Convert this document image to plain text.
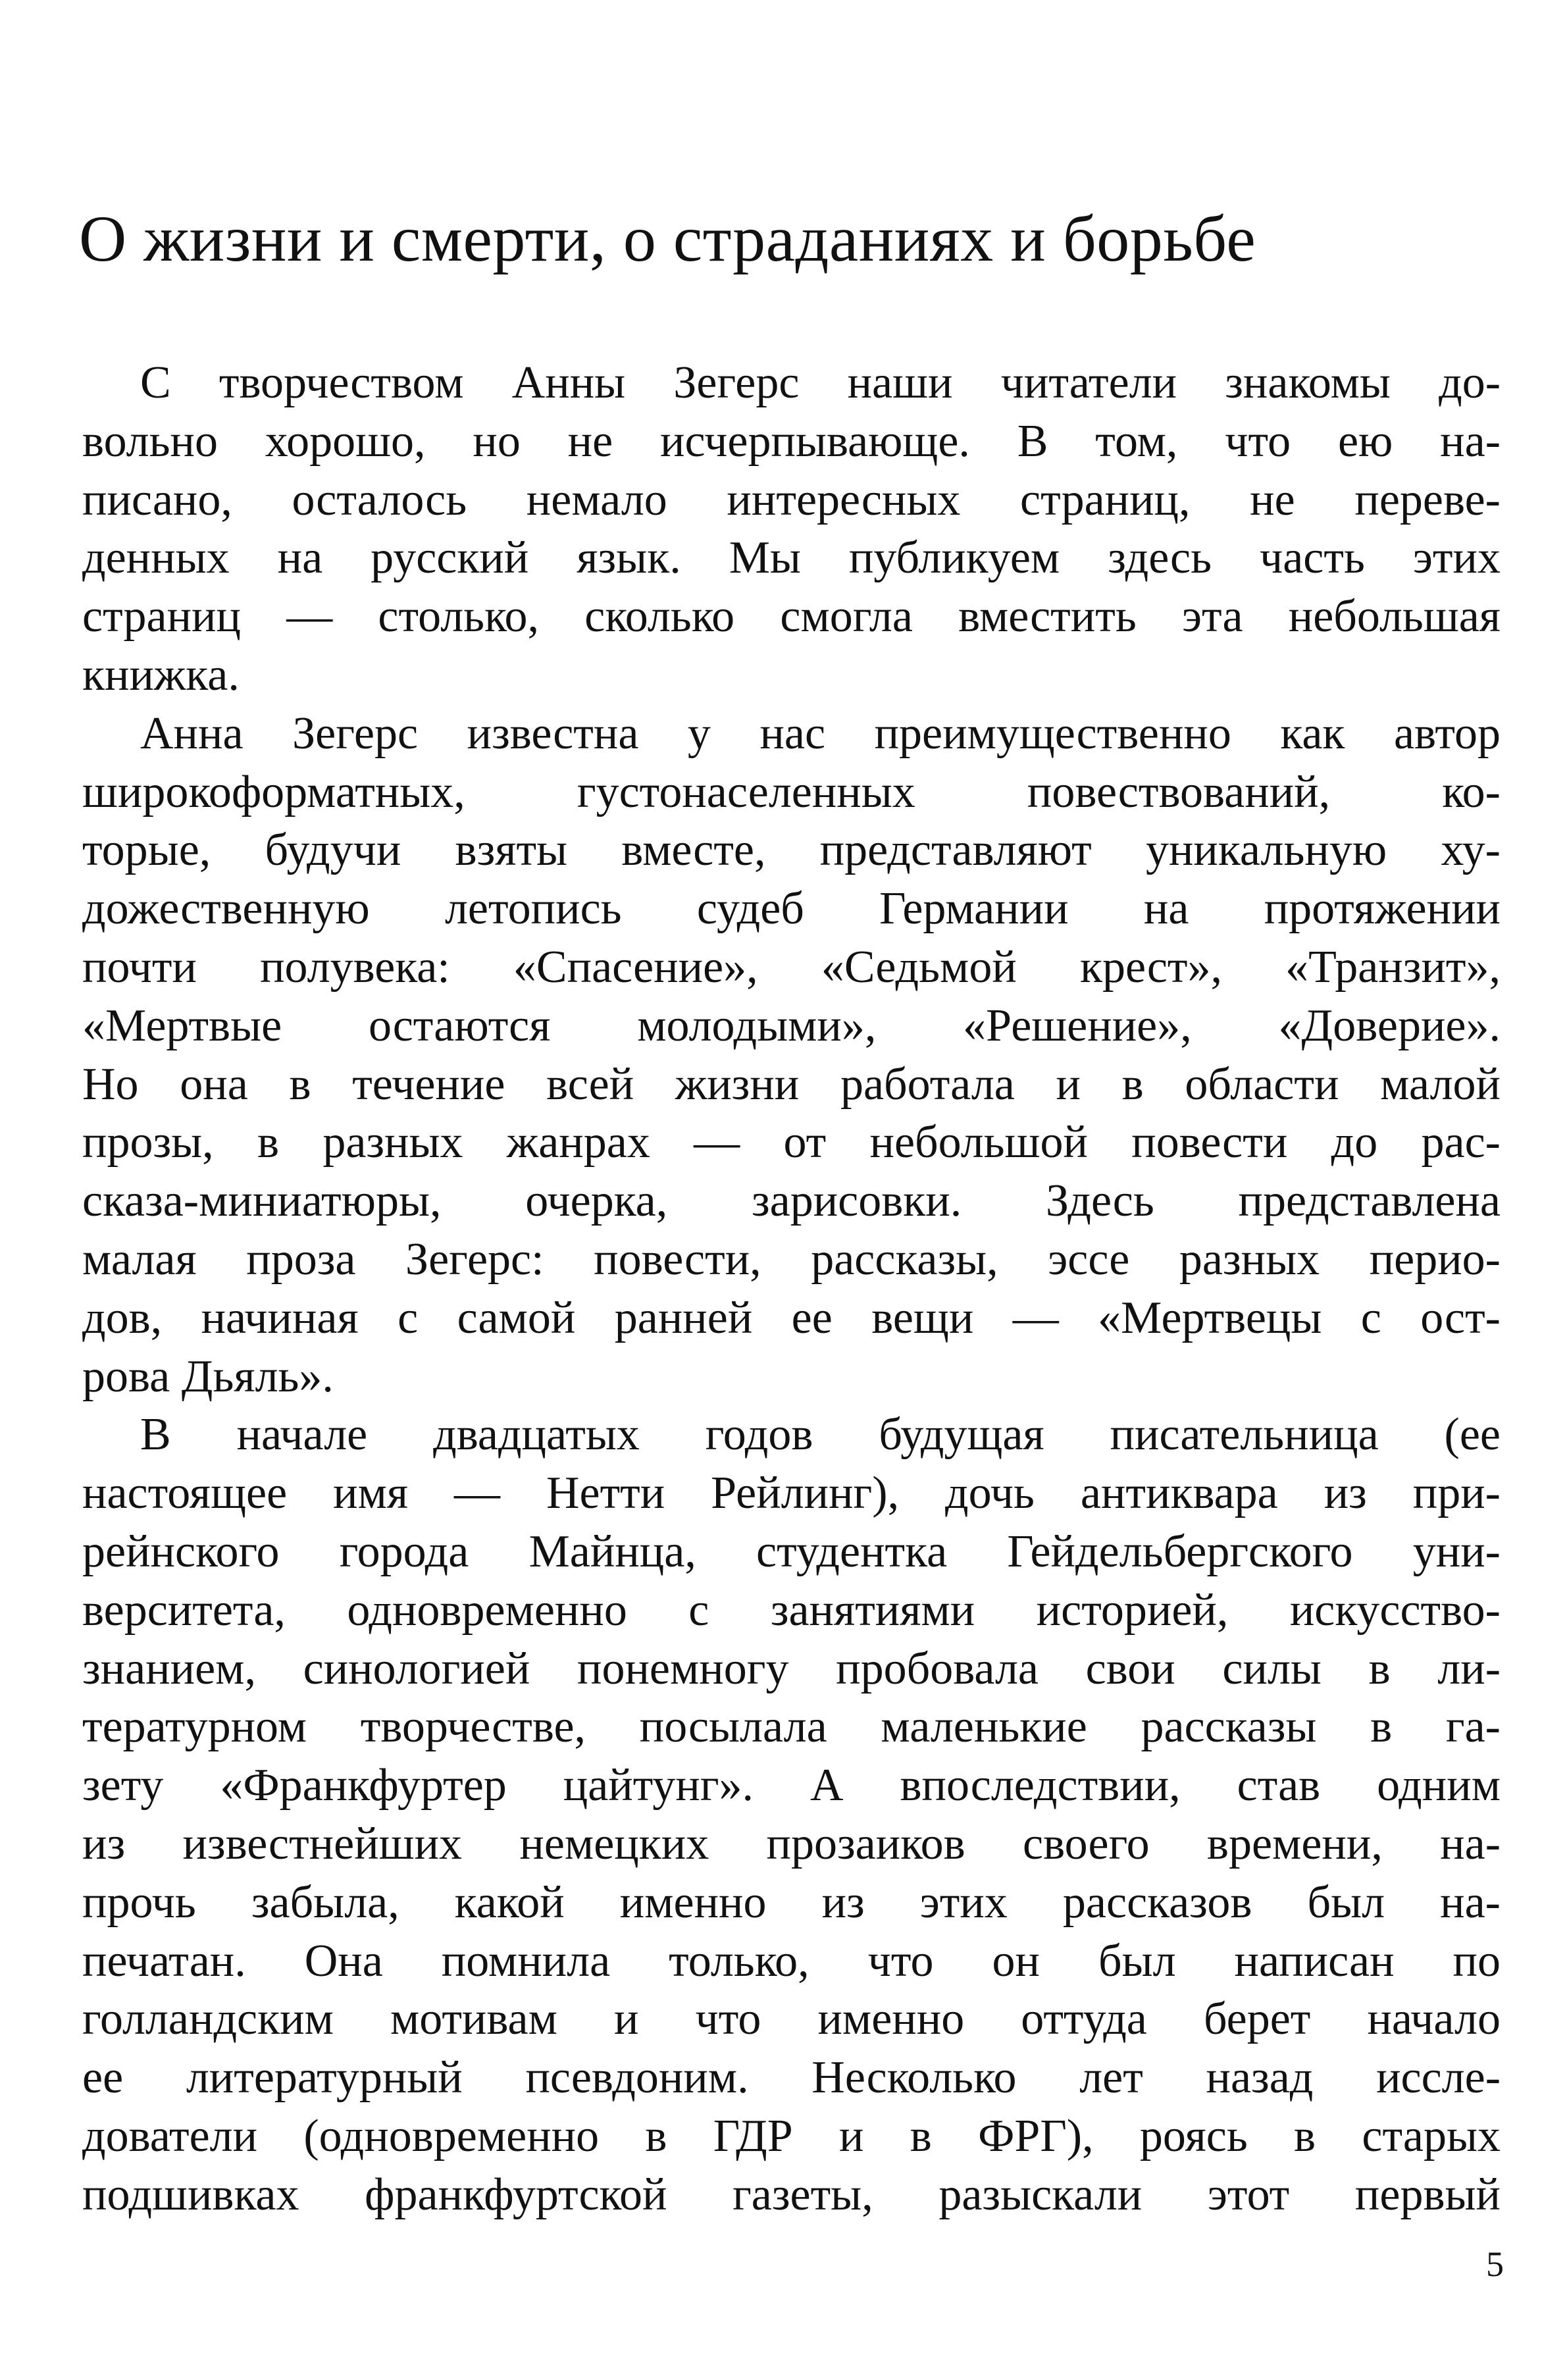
О жизни и смерти, о страданиях и борьбе
С творчеством Анны Зегерс наши читатели знакомы до-
вольно хорошо, но не исчерпывающе. В том, что ею на-
писано, осталось немало интересных страниц, не переве-
денных на русский язык. Мы публикуем здесь часть этих
страниц — столько, сколько смогла вместить эта небольшая
книжка.
Анна Зегерс известна у нас преимущественно как автор
широкоформатных, густонаселенных повествований, ко-
торые, будучи взяты вместе, представляют уникальную ху-
дожественную летопись судеб Германии на протяжении
почти полувека: «Спасение», «Седьмой крест», «Транзит»,
«Мертвые остаются молодыми», «Решение», «Доверие».
Но она в течение всей жизни работала и в области малой
прозы, в разных жанрах — от небольшой повести до рас-
сказа-миниатюры, очерка, зарисовки. Здесь представлена
малая проза Зегерс: повести, рассказы, эссе разных перио-
дов, начиная с самой ранней ее вещи — «Мертвецы с ост-
рова Дьяль».
В начале двадцатых годов будущая писательница (ее
настоящее имя — Нетти Рейлинг), дочь антиквара из при-
рейнского города Майнца, студентка Гейдельбергского уни-
верситета, одновременно с занятиями историей, искусство-
знанием, синологией понемногу пробовала свои силы в ли-
тературном творчестве, посылала маленькие рассказы в га-
зету «Франкфуртер цайтунг». А впоследствии, став одним
из известнейших немецких прозаиков своего времени, на-
прочь забыла, какой именно из этих рассказов был на-
печатан. Она помнила только, что он был написан по
голландским мотивам и что именно оттуда берет начало
ее литературный псевдоним. Несколько лет назад иссле-
дователи (одновременно в ГДР и в ФРГ), роясь в старых
подшивках франкфуртской газеты, разыскали этот первый
5
